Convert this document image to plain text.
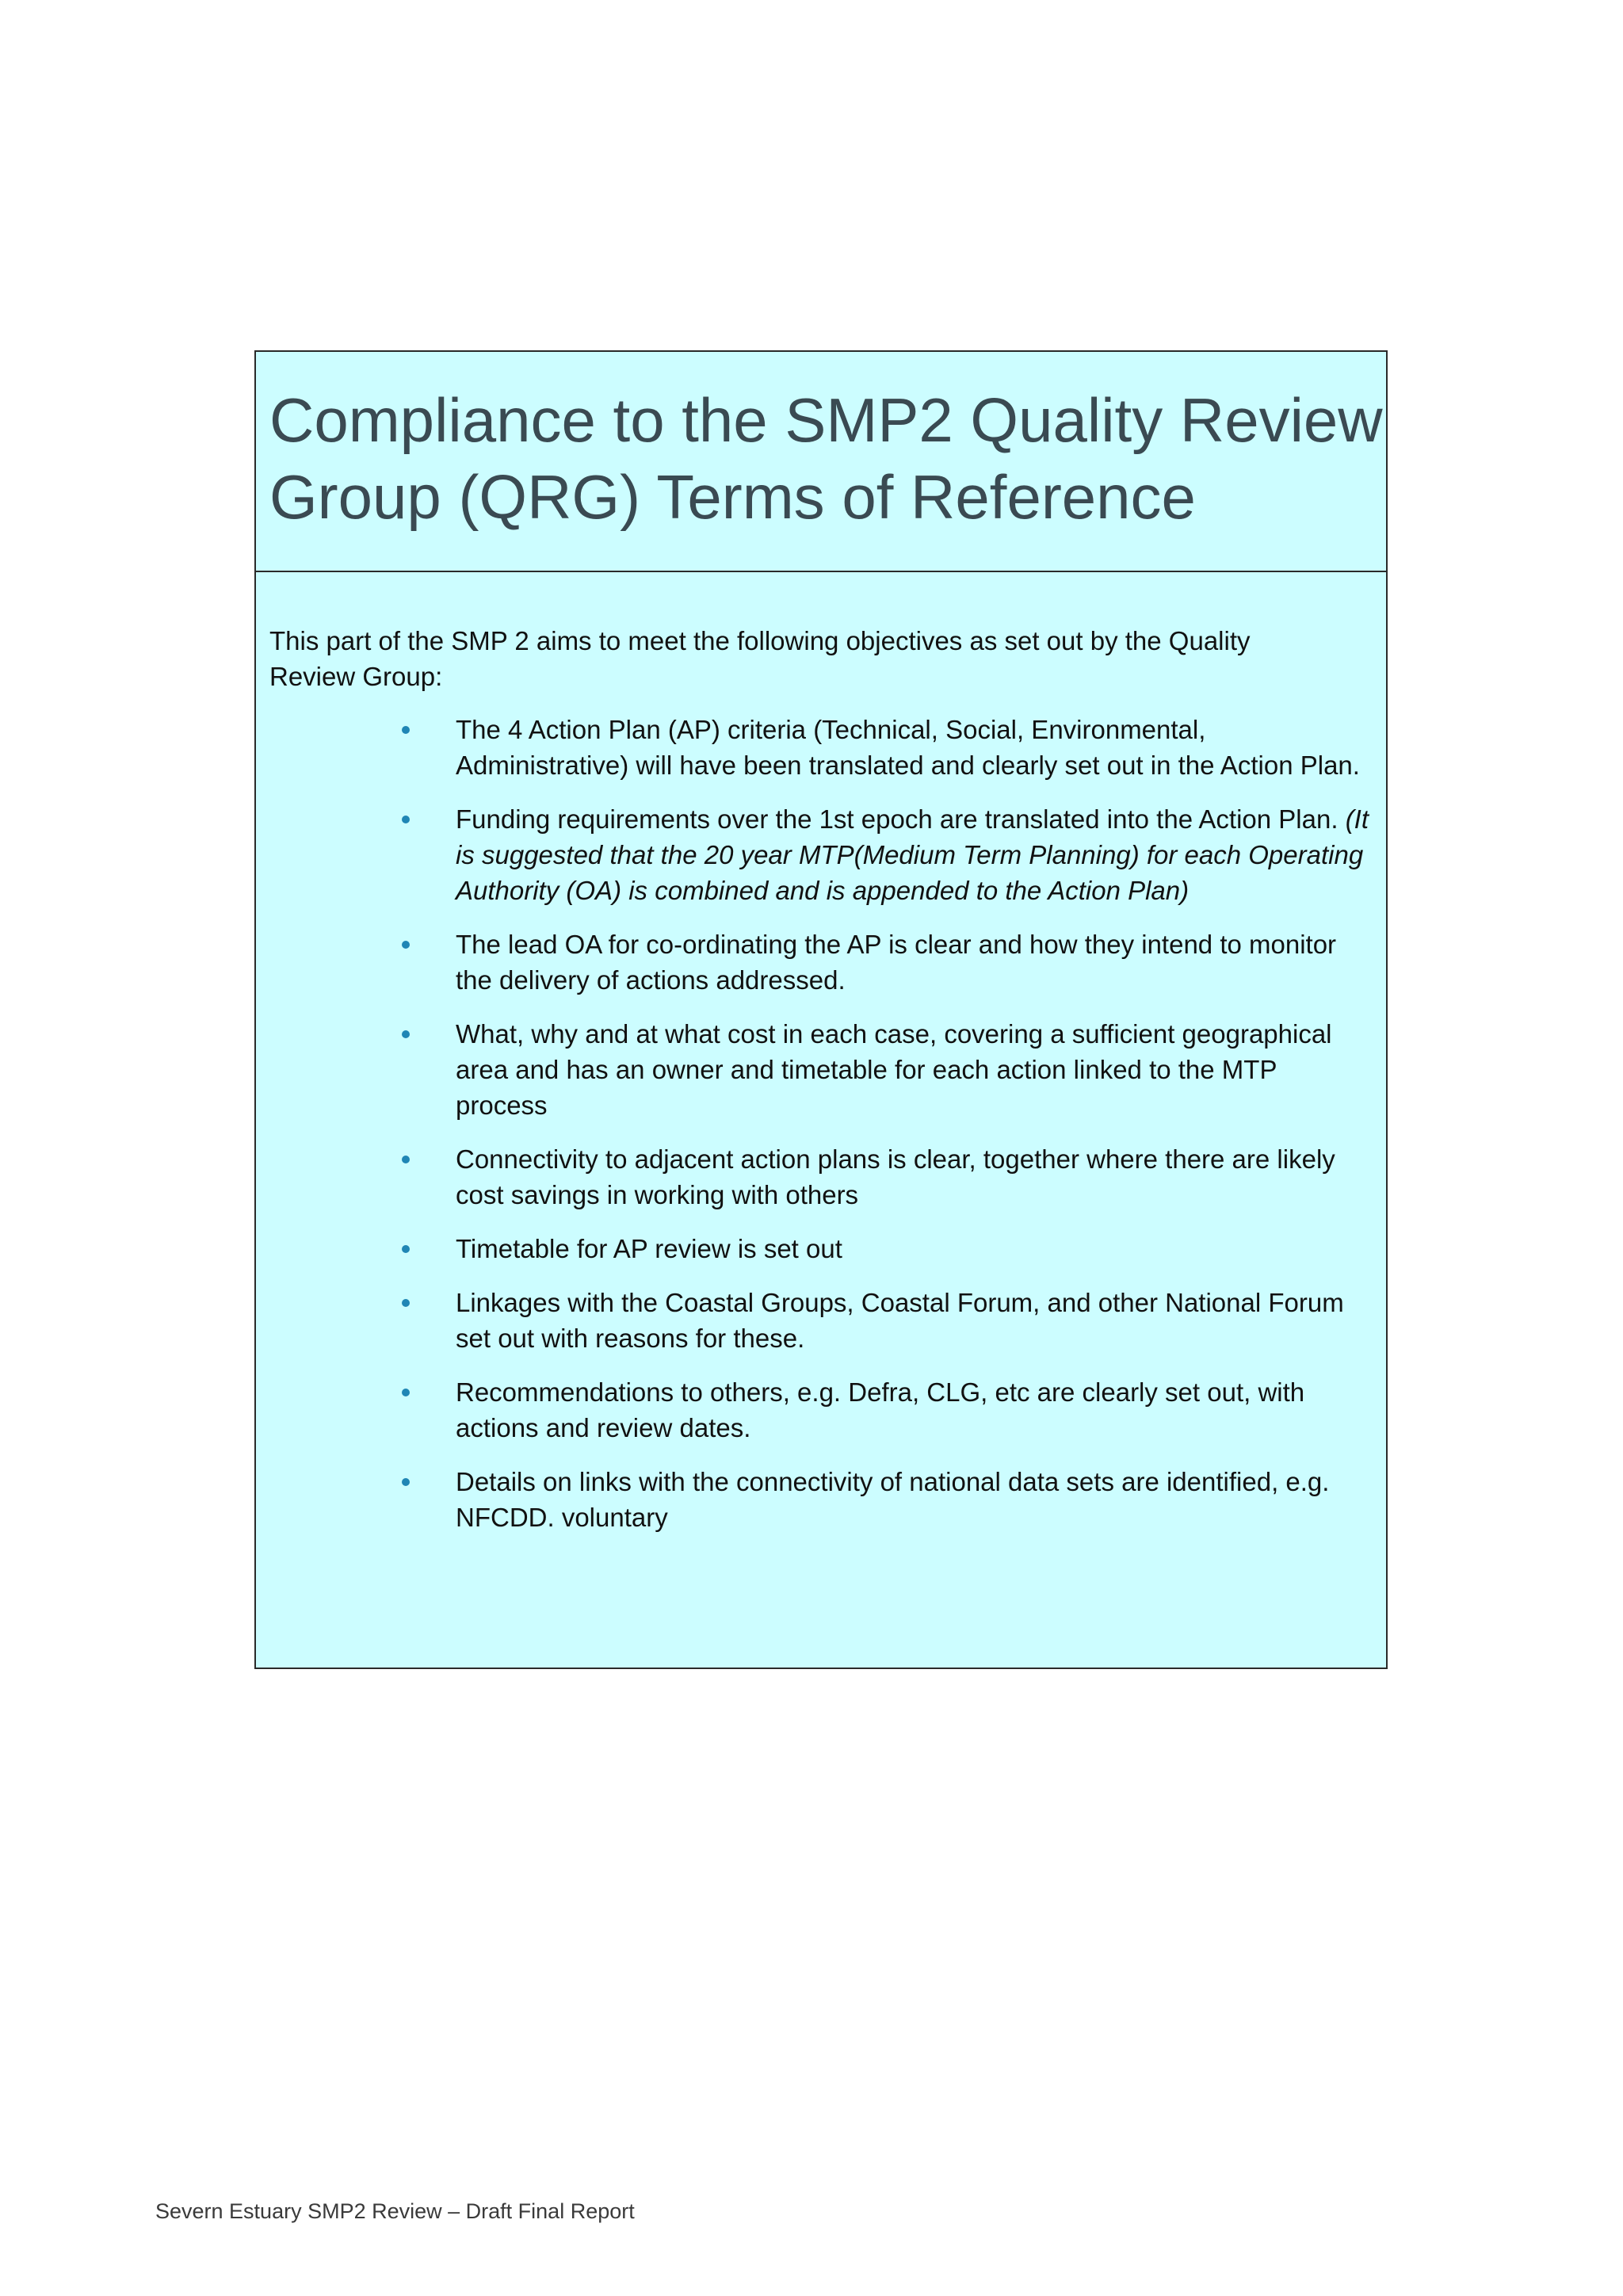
Compliance to the SMP2 Quality Review
Group (QRG) Terms of Reference

This part of the SMP 2 aims to meet the following objectives as set out by the Quality Review Group:

The 4 Action Plan (AP) criteria (Technical, Social, Environmental, Administrative) will have been translated and clearly set out in the Action Plan.
Funding requirements over the 1st epoch are translated into the Action Plan. (It is suggested that the 20 year MTP(Medium Term Planning) for each Operating Authority (OA) is combined and is appended to the Action Plan)
The lead OA for co-ordinating the AP is clear and how they intend to monitor the delivery of actions addressed.
What, why and at what cost in each case, covering a sufficient geographical area and has an owner and timetable for each action linked to the MTP process
Connectivity to adjacent action plans is clear, together where there are likely cost savings in working with others
Timetable for AP review is set out
Linkages with the Coastal Groups, Coastal Forum, and other National Forum set out with reasons for these.
Recommendations to others, e.g. Defra, CLG, etc are clearly set out, with actions and review dates.
Details on links with the connectivity of national data sets are identified, e.g. NFCDD. voluntary
Severn Estuary SMP2 Review – Draft Final Report
